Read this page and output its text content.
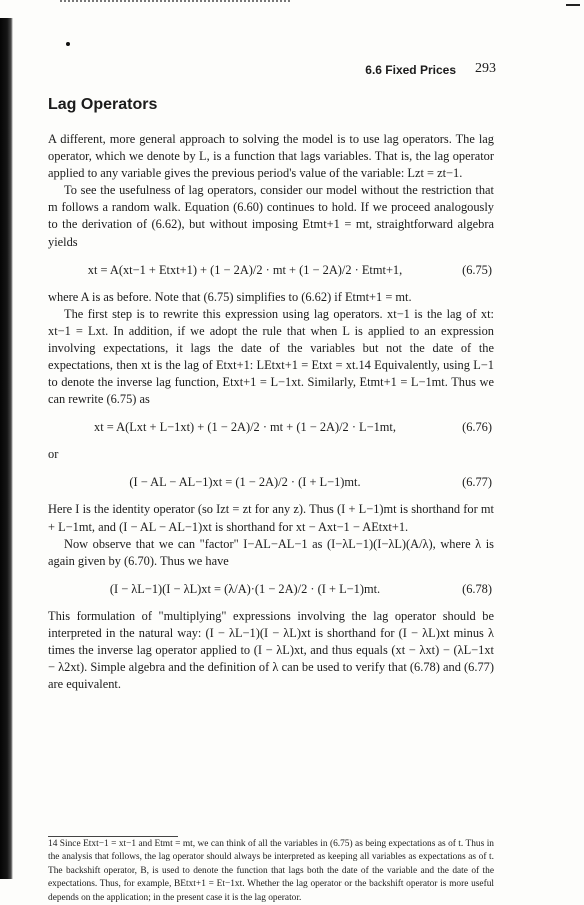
6.6 Fixed Prices 293
Lag Operators

A different, more general approach to solving the model is to use lag operators. The lag operator, which we denote by L, is a function that lags variables. That is, the lag operator applied to any variable gives the previous period's value of the variable: Lzt = zt−1.

To see the usefulness of lag operators, consider our model without the restriction that m follows a random walk. Equation (6.60) continues to hold. If we proceed analogously to the derivation of (6.62), but without imposing Etmt+1 = mt, straightforward algebra yields

xt = A(xt−1 + Etxt+1) + (1 − 2A)/2 · mt + (1 − 2A)/2 · Etmt+1,	(6.75)

where A is as before. Note that (6.75) simplifies to (6.62) if Etmt+1 = mt.

The first step is to rewrite this expression using lag operators. xt−1 is the lag of xt: xt−1 = Lxt. In addition, if we adopt the rule that when L is applied to an expression involving expectations, it lags the date of the variables but not the date of the expectations, then xt is the lag of Etxt+1: LEtxt+1 = Etxt = xt.14 Equivalently, using L−1 to denote the inverse lag function, Etxt+1 = L−1xt. Similarly, Etmt+1 = L−1mt. Thus we can rewrite (6.75) as

xt = A(Lxt + L−1xt) + (1 − 2A)/2 · mt + (1 − 2A)/2 · L−1mt,	(6.76)

or

(I − AL − AL−1)xt = (1 − 2A)/2 · (I + L−1)mt.	(6.77)

Here I is the identity operator (so Izt = zt for any z). Thus (I + L−1)mt is shorthand for mt + L−1mt, and (I − AL − AL−1)xt is shorthand for xt − Axt−1 − AEtxt+1.

Now observe that we can "factor" I−AL−AL−1 as (I−λL−1)(I−λL)(A/λ), where λ is again given by (6.70). Thus we have

(I − λL−1)(I − λL)xt = (λ/A)·(1 − 2A)/2 · (I + L−1)mt.	(6.78)

This formulation of "multiplying" expressions involving the lag operator should be interpreted in the natural way: (I − λL−1)(I − λL)xt is shorthand for (I − λL)xt minus λ times the inverse lag operator applied to (I − λL)xt, and thus equals (xt − λxt) − (λL−1xt − λ2xt). Simple algebra and the definition of λ can be used to verify that (6.78) and (6.77) are equivalent.

14 Since Etxt−1 = xt−1 and Etmt = mt, we can think of all the variables in (6.75) as being expectations as of t. Thus in the analysis that follows, the lag operator should always be interpreted as keeping all variables as expectations as of t. The backshift operator, B, is used to denote the function that lags both the date of the variable and the date of the expectations. Thus, for example, BEtxt+1 = Et−1xt. Whether the lag operator or the backshift operator is more useful depends on the application; in the present case it is the lag operator.
